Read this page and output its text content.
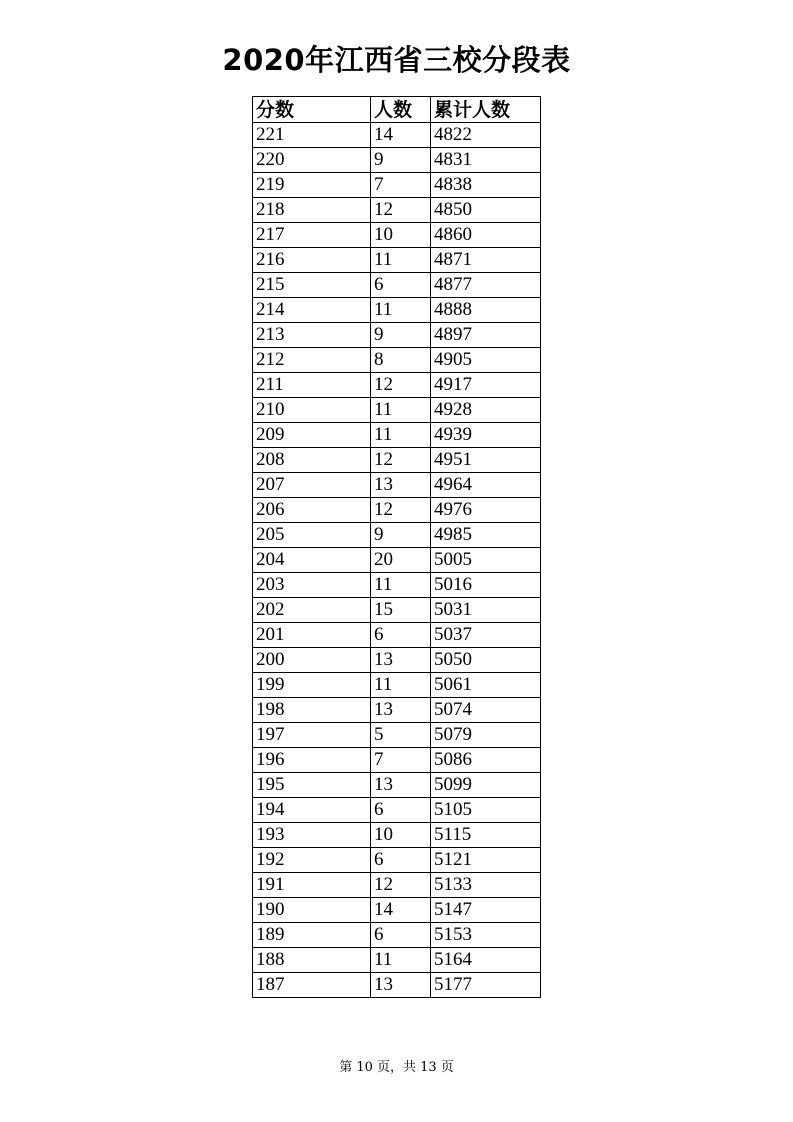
2020年江西省三校分段表
分数	人数	累计人数
221	14	4822
220	9	4831
219	7	4838
218	12	4850
217	10	4860
216	11	4871
215	6	4877
214	11	4888
213	9	4897
212	8	4905
211	12	4917
210	11	4928
209	11	4939
208	12	4951
207	13	4964
206	12	4976
205	9	4985
204	20	5005
203	11	5016
202	15	5031
201	6	5037
200	13	5050
199	11	5061
198	13	5074
197	5	5079
196	7	5086
195	13	5099
194	6	5105
193	10	5115
192	6	5121
191	12	5133
190	14	5147
189	6	5153
188	11	5164
187	13	5177
第 10 页，共 13 页
